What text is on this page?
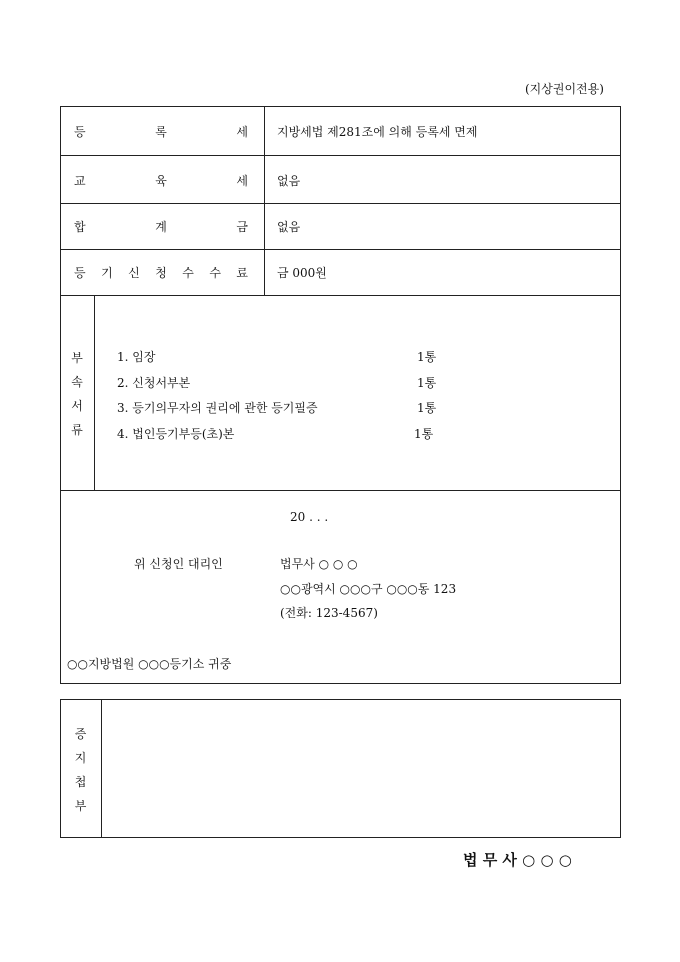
(지상권이전용)
등	록	세 지방세법 제281조에 의해 등록세 면제
교	육	세 없음
합	계	금 없음
등 기 신 청 수 수 료 금 000원
부
속
서
류
1. 임장	1통
2. 신청서부본	1통
3. 등기의무자의 권리에 관한 등기필증	1통
4. 법인등기부등(초)본	1통
20 . . .
위 신청인 대리인	법무사 ○ ○ ○
○○광역시 ○○○구 ○○○동 123
(전화: 123-4567)
○○지방법원 ○○○등기소 귀중
증
지
첩
부
법 무 사 ○ ○ ○
